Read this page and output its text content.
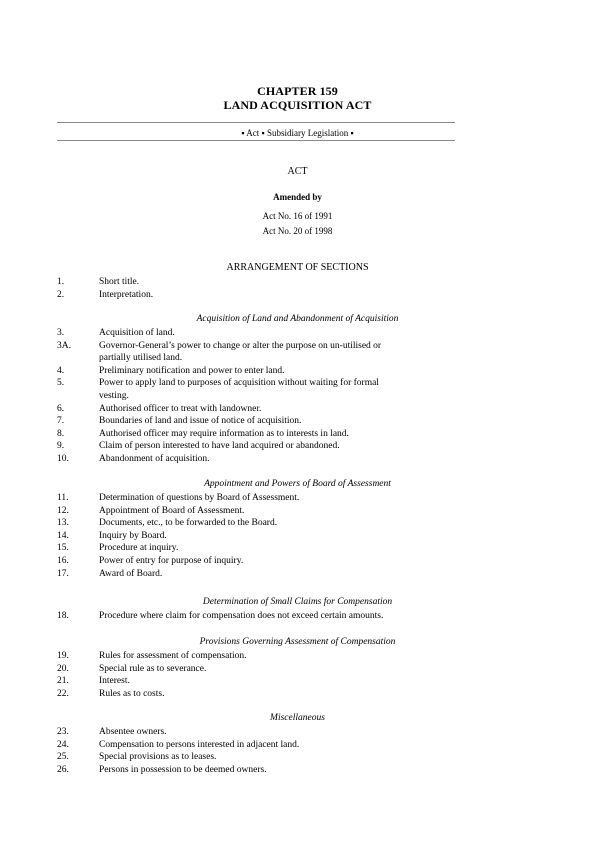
CHAPTER 159
LAND ACQUISITION ACT
▪ Act ▪ Subsidiary Legislation ▪
ACT
Amended by
Act No. 16 of 1991
Act No. 20 of 1998
ARRANGEMENT OF SECTIONS
1.	Short title.
2.	Interpretation.
Acquisition of Land and Abandonment of Acquisition
3.	Acquisition of land.
3A.	Governor-General’s power to change or alter the purpose on un-utilised or
partially utilised land.
4.	Preliminary notification and power to enter land.
5.	Power to apply land to purposes of acquisition without waiting for formal
vesting.
6.	Authorised officer to treat with landowner.
7.	Boundaries of land and issue of notice of acquisition.
8.	Authorised officer may require information as to interests in land.
9.	Claim of person interested to have land acquired or abandoned.
10.	Abandonment of acquisition.
Appointment and Powers of Board of Assessment
11.	Determination of questions by Board of Assessment.
12.	Appointment of Board of Assessment.
13.	Documents, etc., to be forwarded to the Board.
14.	Inquiry by Board.
15.	Procedure at inquiry.
16.	Power of entry for purpose of inquiry.
17.	Award of Board.
Determination of Small Claims for Compensation
18.	Procedure where claim for compensation does not exceed certain amounts.
Provisions Governing Assessment of Compensation
19.	Rules for assessment of compensation.
20.	Special rule as to severance.
21.	Interest.
22.	Rules as to costs.
Miscellaneous
23.	Absentee owners.
24.	Compensation to persons interested in adjacent land.
25.	Special provisions as to leases.
26.	Persons in possession to be deemed owners.
